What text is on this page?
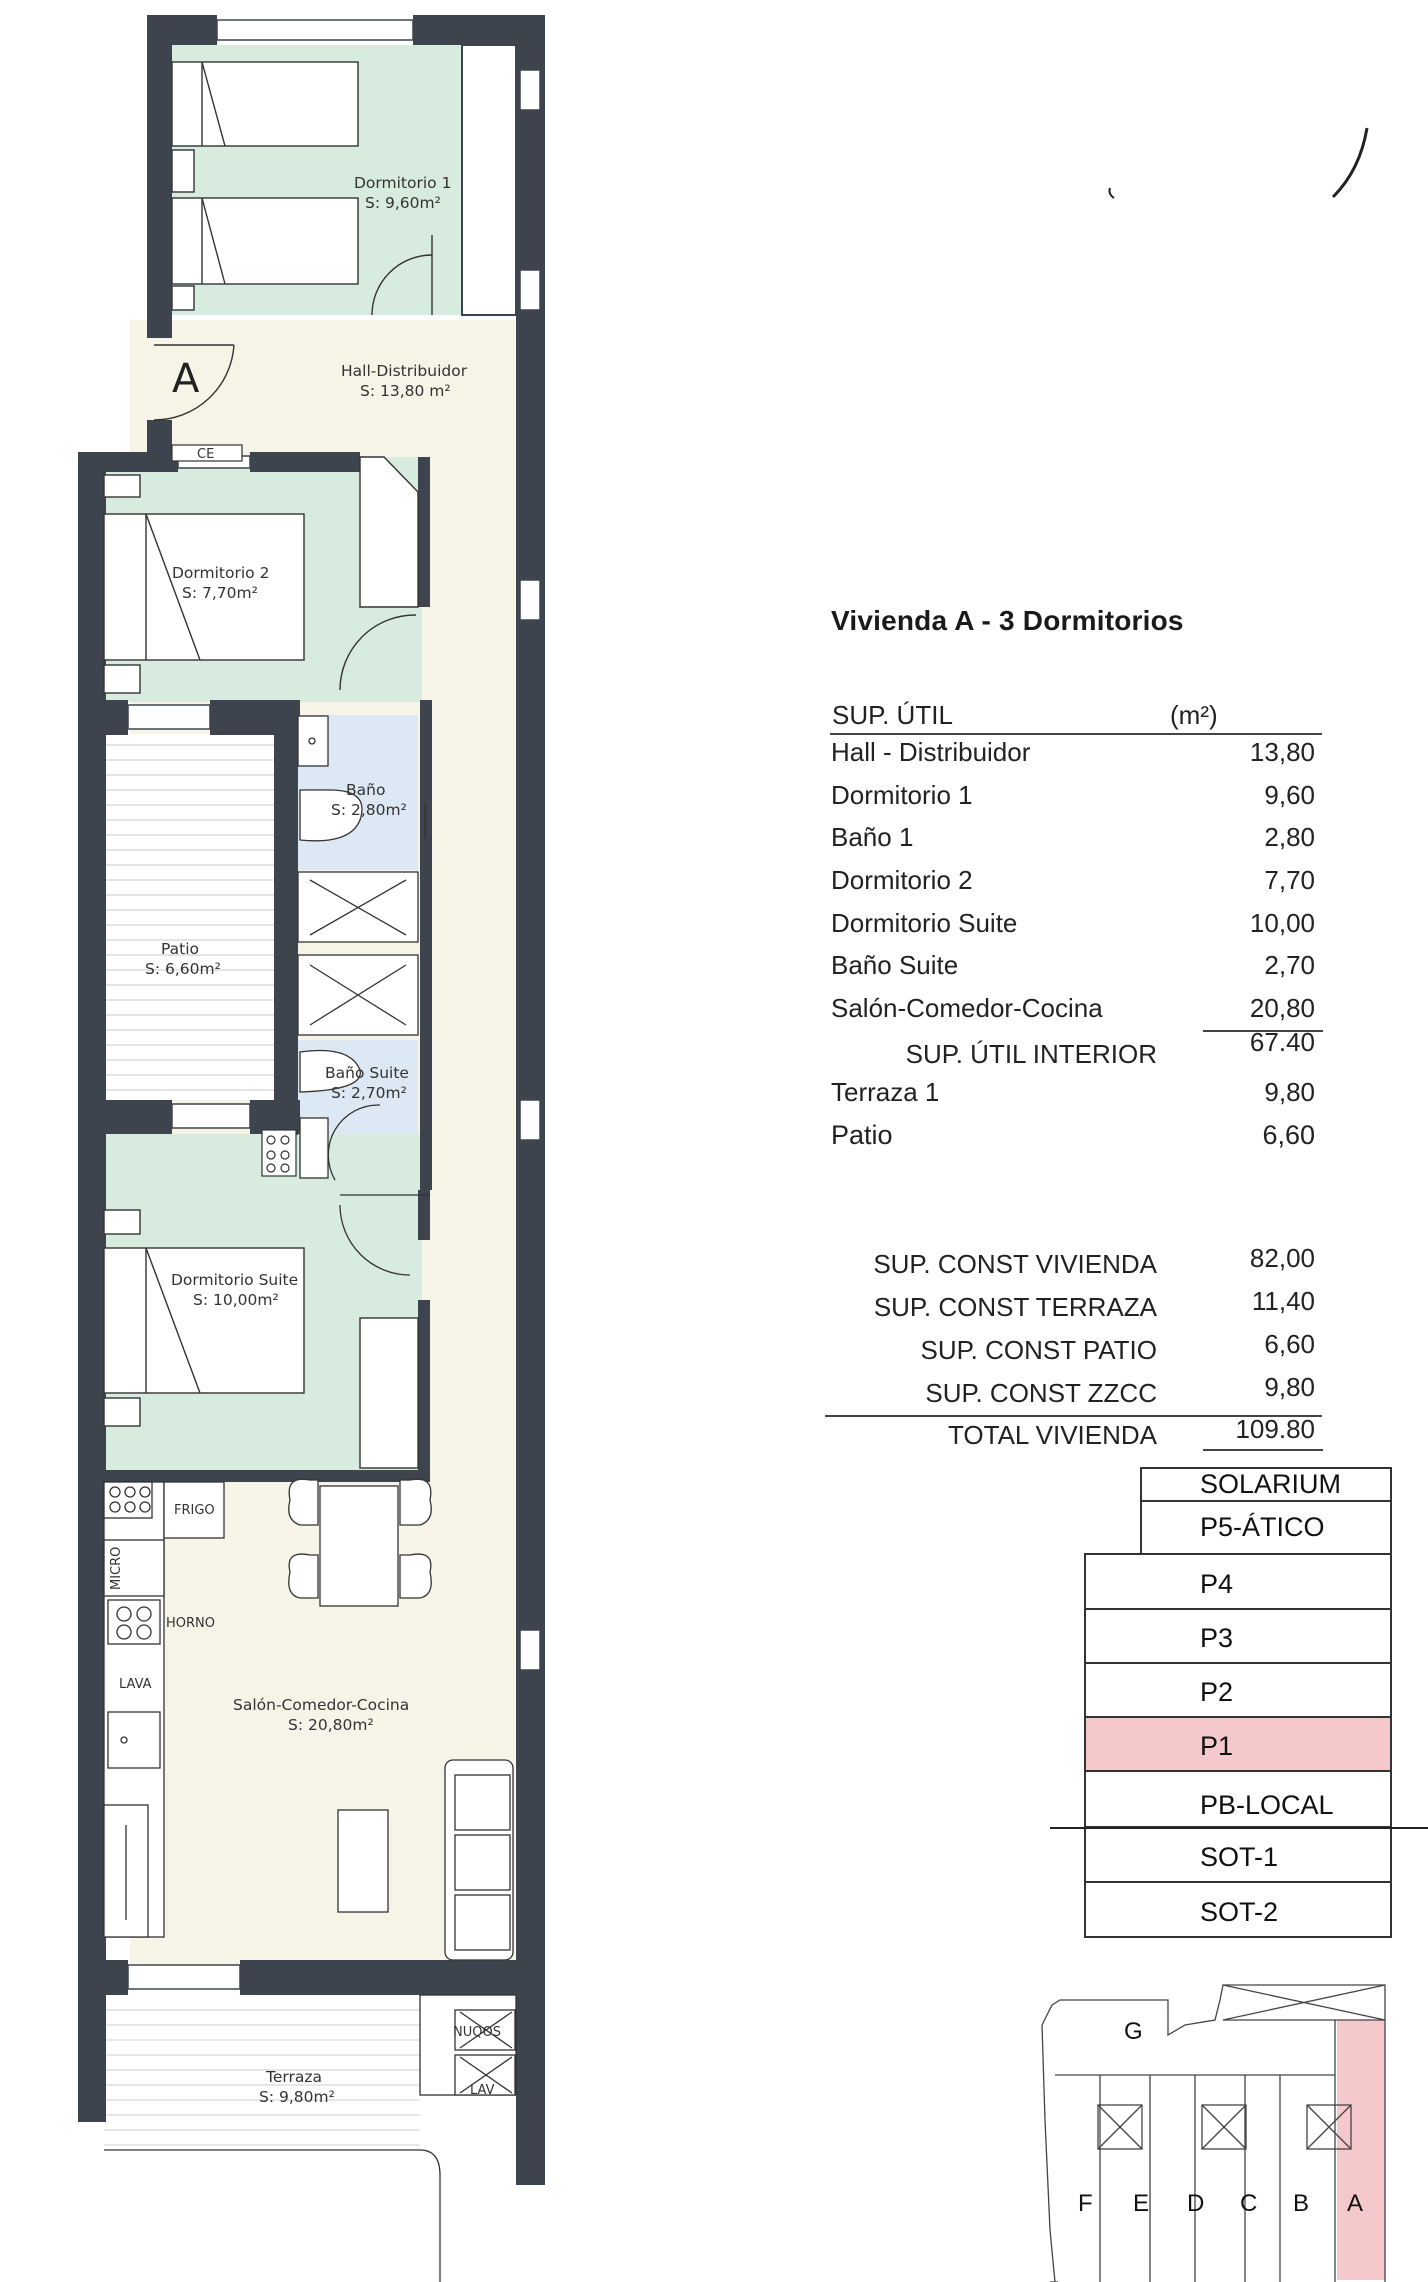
Dormitorio 1
S: 9,60m²
Hall-Distribuidor
S: 13,80 m²
Dormitorio 2
S: 7,70m²
Baño
S: 2,80m²
Patio
S: 6,60m²
Baño Suite
S: 2,70m²
Dormitorio Suite
S: 10,00m²
Salón-Comedor-Cocina
S: 20,80m²
Terraza
S: 9,80m²
A
CE
FRIGO
MICRO
HORNO
LAVA
NUQOS
LAV
Vivienda A - 3 Dormitorios
SUP. ÚTIL	(m²)
Hall - Distribuidor	13,80
Dormitorio 1	9,60
Baño 1	2,80
Dormitorio 2	7,70
Dormitorio Suite	10,00
Baño Suite	2,70
Salón-Comedor-Cocina	20,80
SUP. ÚTIL INTERIOR	67.40
Terraza 1	9,80
Patio	6,60
SUP. CONST VIVIENDA	82,00
SUP. CONST TERRAZA	11,40
SUP. CONST PATIO	6,60
SUP. CONST ZZCC	9,80
TOTAL VIVIENDA	109.80
SOLARIUM
P5-ÁTICO
P4
P3
P2
P1
PB-LOCAL
SOT-1
SOT-2
G
F E D C B A
